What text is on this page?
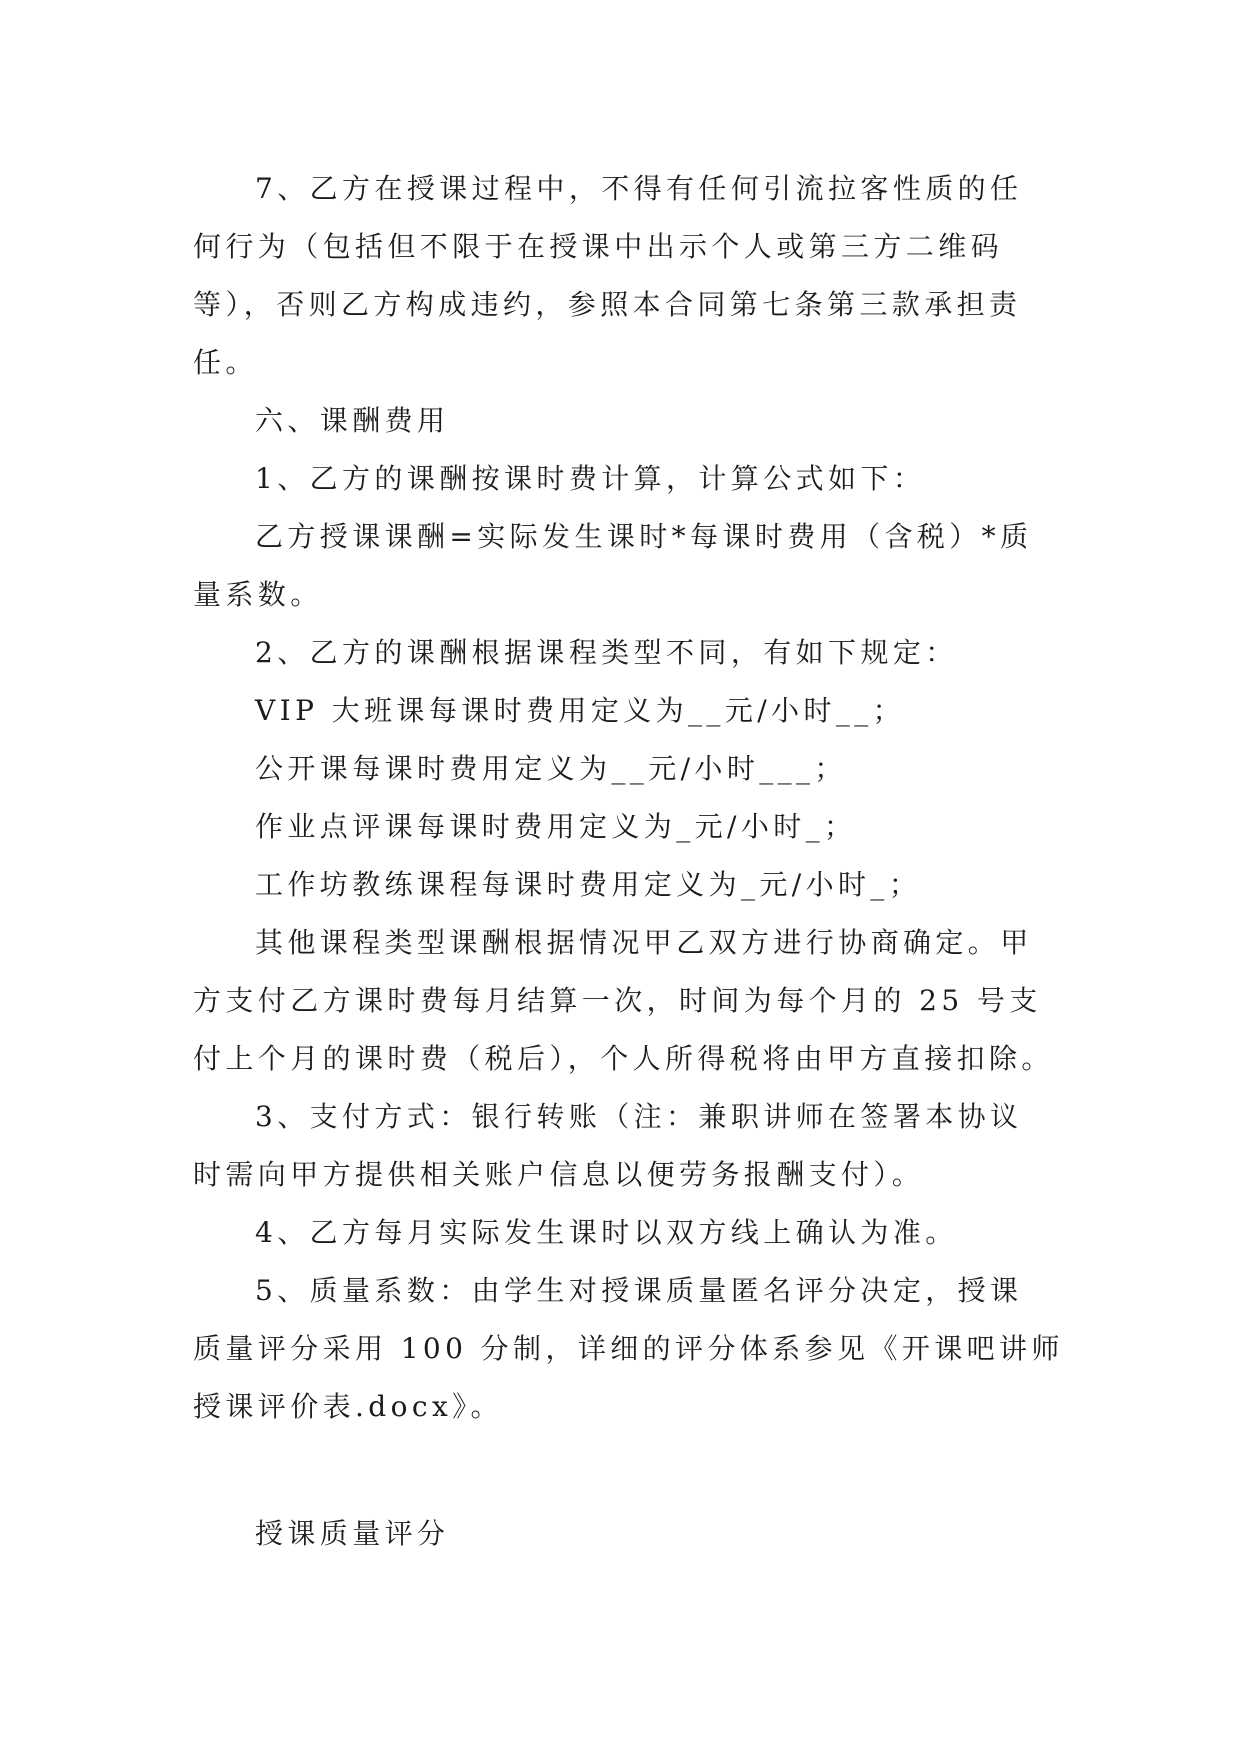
7、乙方在授课过程中，不得有任何引流拉客性质的任
何行为（包括但不限于在授课中出示个人或第三方二维码
等），否则乙方构成违约，参照本合同第七条第三款承担责
任。
六、课酬费用
1、乙方的课酬按课时费计算，计算公式如下：
乙方授课课酬=实际发生课时*每课时费用（含税）*质
量系数。
2、乙方的课酬根据课程类型不同，有如下规定：
VIP 大班课每课时费用定义为__元/小时__；
公开课每课时费用定义为__元/小时___；
作业点评课每课时费用定义为_元/小时_；
工作坊教练课程每课时费用定义为_元/小时_；
其他课程类型课酬根据情况甲乙双方进行协商确定。甲
方支付乙方课时费每月结算一次，时间为每个月的 25 号支
付上个月的课时费（税后），个人所得税将由甲方直接扣除。
3、支付方式：银行转账（注：兼职讲师在签署本协议
时需向甲方提供相关账户信息以便劳务报酬支付）。
4、乙方每月实际发生课时以双方线上确认为准。
5、质量系数：由学生对授课质量匿名评分决定，授课
质量评分采用 100 分制，详细的评分体系参见《开课吧讲师
授课评价表.docx》。
授课质量评分
